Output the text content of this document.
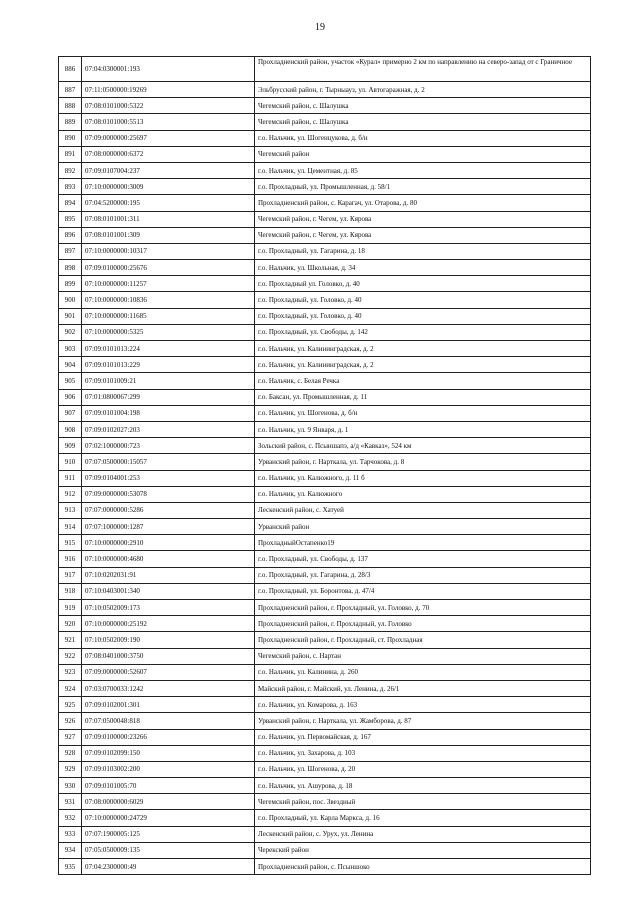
19
886	07:04:0300001:193	Прохладненский район, участок «Курал» примерно 2 км по направлению на северо-запад от с Граничное
887	07:11:0500000:19269	Эльбрусский район, г. Тырныауз, ул. Автогаражная, д. 2
888	07:08:0101000:5322	Чегемский район, с. Шалушка
889	07:08:0101000:5513	Чегемский район, с. Шалушка
890	07:09:0000000:25697	г.о. Нальчик, ул. Шогенцукова, д. б/н
891	07:08:0000000:6372	Чегемский район
892	07:09:0107004:237	г.о. Нальчик, ул. Цементная, д. 85
893	07:10:0000000:3009	г.о. Прохладный, ул. Промышленная, д. 58/1
894	07:04:5200000:195	Прохладненский район, с. Карагач, ул. Отарова, д. 80
895	07:08:0101001:311	Чегемский район, г. Чегем, ул. Кярова
896	07:08:0101001:309	Чегемский район, г. Чегем, ул. Кярова
897	07:10:0000000:10317	г.о. Прохладный, ул. Гагарина, д. 18
898	07:09:0100000:25676	г.о. Нальчик, ул. Школьная, д. 34
899	07:10:0000000:11257	г.о. Прохладный ул. Головко, д. 40
900	07:10:0000000:10836	г.о. Прохладный, ул. Головко, д. 40
901	07:10:0000000:11685	г.о. Прохладный, ул. Головко, д. 40
902	07:10:0000000:5325	г.о. Прохладный, ул. Свободы, д. 142
903	07:09:0101013:224	г.о. Нальчик, ул. Калининградская, д. 2
904	07:09:0101013:229	г.о. Нальчик, ул. Калининградская, д. 2
905	07:09:0101009:21	г.о. Нальчик, с. Белая Речка
906	07:01:0800067:299	г.о. Баксан, ул. Промышленная, д. 11
907	07:09:0101004:198	г.о. Нальчик, ул. Шогенова, д. б/н
908	07:09:0102027:203	г.о. Нальчик, ул. 9 Января, д. 1
909	07:02:1000000:723	Зольский район, с. Псыншапэ, а/д «Кавказ», 524 км
910	07:07:0500000:15057	Урванский район, г. Нарткала, ул. Тарчокова, д. 8
911	07:09:0104001:253	г.о. Нальчик, ул. Калюжного, д. 11 б
912	07:09:0000000:53078	г.о. Нальчик, ул. Калюжного
913	07:07:0000000:5286	Лескенский район, с. Хатуей
914	07:07:1000000:1287	Урванский район
915	07:10:0000000:2910	ПрохладныйОстапенко19
916	07:10:0000000:4680	г.о. Прохладный, ул. Свободы, д. 137
917	07:10:0202031:91	г.о. Прохладный, ул. Гагарина, д. 28/3
918	07:10:0403001:340	г.о. Прохладный, ул. Боронтова, д. 47/4
919	07:10:0502009:173	Прохладненский район, г. Прохладный, ул. Головко, д. 70
920	07:10:0000000:25192	Прохладненский район, г. Прохладный, ул. Головко
921	07:10:0502009:190	Прохладненский район, г. Прохладный, ст. Прохладная
922	07:08:0401000:3750	Чегемский район, с. Нартан
923	07:09:0000000:52607	г.о. Нальчик, ул. Калинина, д. 260
924	07:03:0700033:1242	Майский район, г. Майский, ул. Ленина, д. 26/1
925	07:09:0102001:301	г.о. Нальчик, ул. Комарова, д. 163
926	07:07:0500048:818	Урванский район, г. Нарткала, ул. Жамборова, д. 87
927	07:09:0100000:23266	г.о. Нальчик, ул. Первомайская, д. 167
928	07:09:0102099:150	г.о. Нальчик, ул. Захарова, д. 103
929	07:09:0103002:200	г.о. Нальчик, ул. Шогенова, д. 20
930	07:09:0101005:70	г.о. Нальчик, ул. Ашурова, д. 18
931	07:08:0000000:6029	Чегемский район, пос. Звездный
932	07:10:0000000:24729	г.о. Прохладный, ул. Карла Маркса, д. 16
933	07:07:1900005:125	Лескенский район, с. Урух, ул. Ленина
934	07:05:0500009:135	Черекский район
935	07:04:2300000:49	Прохладненский район, с. Псыншоко
